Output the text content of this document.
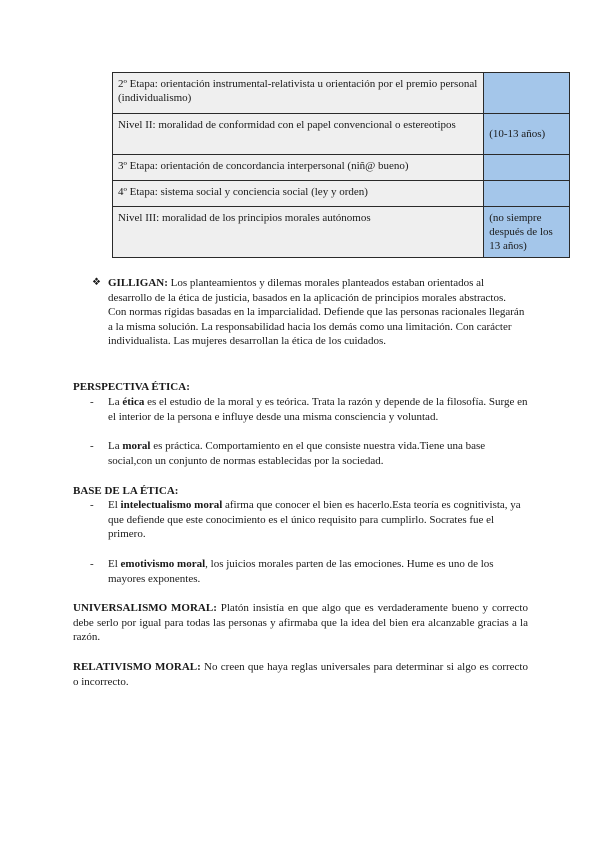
2º Etapa: orientación instrumental-relativista u orientación por el premio personal (individualismo)	
Nivel II: moralidad de conformidad con el papel convencional o estereotipos	(10-13 años)
3º Etapa: orientación de concordancia interpersonal (niñ@ bueno)	
4º Etapa: sistema social y conciencia social (ley y orden)	
Nivel III: moralidad de los principios morales autónomos	(no siempre después de los 13 años)
❖ GILLIGAN: Los planteamientos y dilemas morales planteados estaban orientados al desarrollo de la ética de justicia, basados en la aplicación de principios morales abstractos. Con normas rígidas basadas en la imparcialidad. Defiende que las personas racionales llegarán a la misma solución. La responsabilidad hacia los demás como una limitación. Con carácter individualista. Las mujeres desarrollan la ética de los cuidados.
PERSPECTIVA ÉTICA:
- La ética es el estudio de la moral y es teórica. Trata la razón y depende de la filosofía. Surge en el interior de la persona e influye desde una misma consciencia y voluntad.
- La moral es práctica. Comportamiento en el que consiste nuestra vida.Tiene una base social,con un conjunto de normas establecidas por la sociedad.
BASE DE LA ÉTICA:
- El intelectualismo moral afirma que conocer el bien es hacerlo.Esta teoría es cognitivista, ya que defiende que este conocimiento es el único requisito para cumplirlo. Socrates fue el primero.
- El emotivismo moral, los juicios morales parten de las emociones. Hume es uno de los mayores exponentes.
UNIVERSALISMO MORAL: Platón insistía en que algo que es verdaderamente bueno y correcto debe serlo por igual para todas las personas y afirmaba que la idea del bien era alcanzable gracias a la razón.
RELATIVISMO MORAL: No creen que haya reglas universales para determinar si algo es correcto o incorrecto.
